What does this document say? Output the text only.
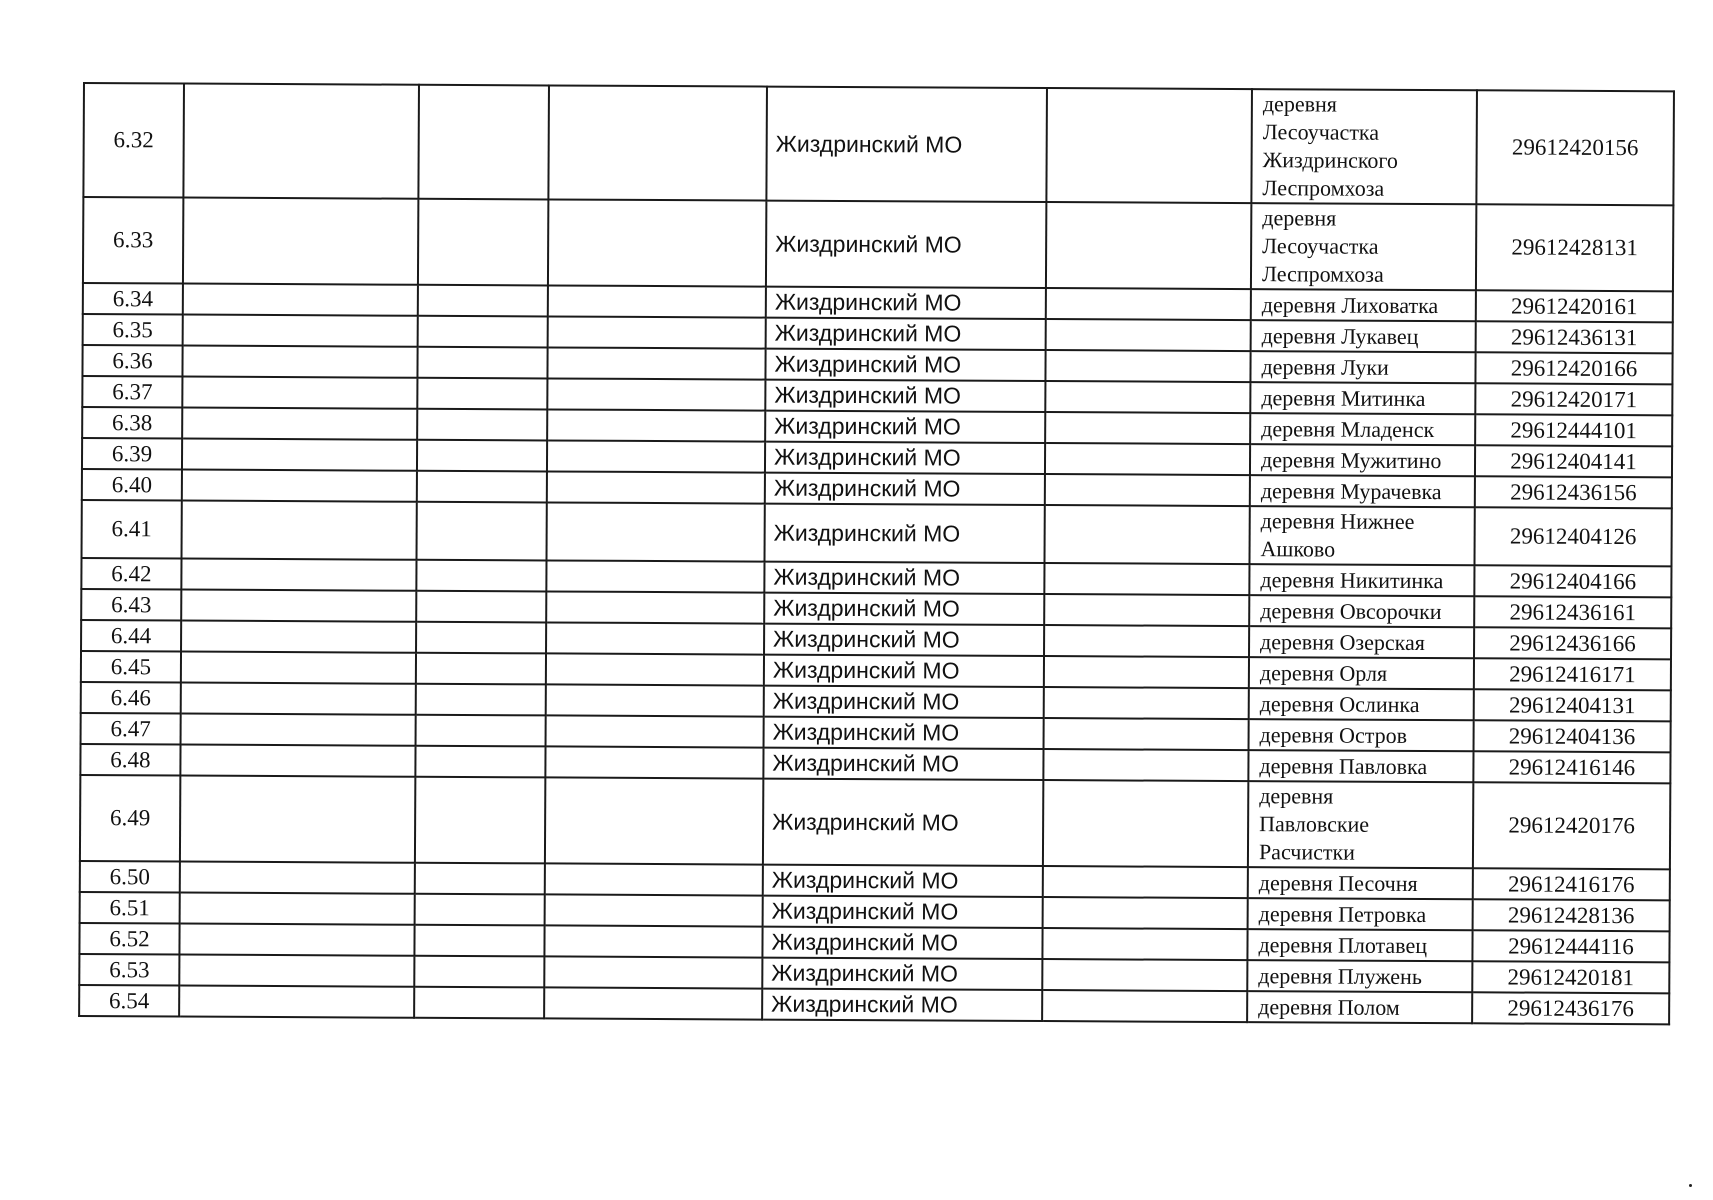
6.32				Жиздринский МО		деревня
Лесоучастка
Жиздринского
Леспромхоза	29612420156
6.33				Жиздринский МО		деревня
Лесоучастка
Леспромхоза	29612428131
6.34				Жиздринский МО		деревня Лиховатка	29612420161
6.35				Жиздринский МО		деревня Лукавец	29612436131
6.36				Жиздринский МО		деревня Луки	29612420166
6.37				Жиздринский МО		деревня Митинка	29612420171
6.38				Жиздринский МО		деревня Младенск	29612444101
6.39				Жиздринский МО		деревня Мужитино	29612404141
6.40				Жиздринский МО		деревня Мурачевка	29612436156
6.41				Жиздринский МО		деревня Нижнее
Ашково	29612404126
6.42				Жиздринский МО		деревня Никитинка	29612404166
6.43				Жиздринский МО		деревня Овсорочки	29612436161
6.44				Жиздринский МО		деревня Озерская	29612436166
6.45				Жиздринский МО		деревня Орля	29612416171
6.46				Жиздринский МО		деревня Ослинка	29612404131
6.47				Жиздринский МО		деревня Остров	29612404136
6.48				Жиздринский МО		деревня Павловка	29612416146
6.49				Жиздринский МО		деревня
Павловские
Расчистки	29612420176
6.50				Жиздринский МО		деревня Песочня	29612416176
6.51				Жиздринский МО		деревня Петровка	29612428136
6.52				Жиздринский МО		деревня Плотавец	29612444116
6.53				Жиздринский МО		деревня Плужень	29612420181
6.54				Жиздринский МО		деревня Полом	29612436176
